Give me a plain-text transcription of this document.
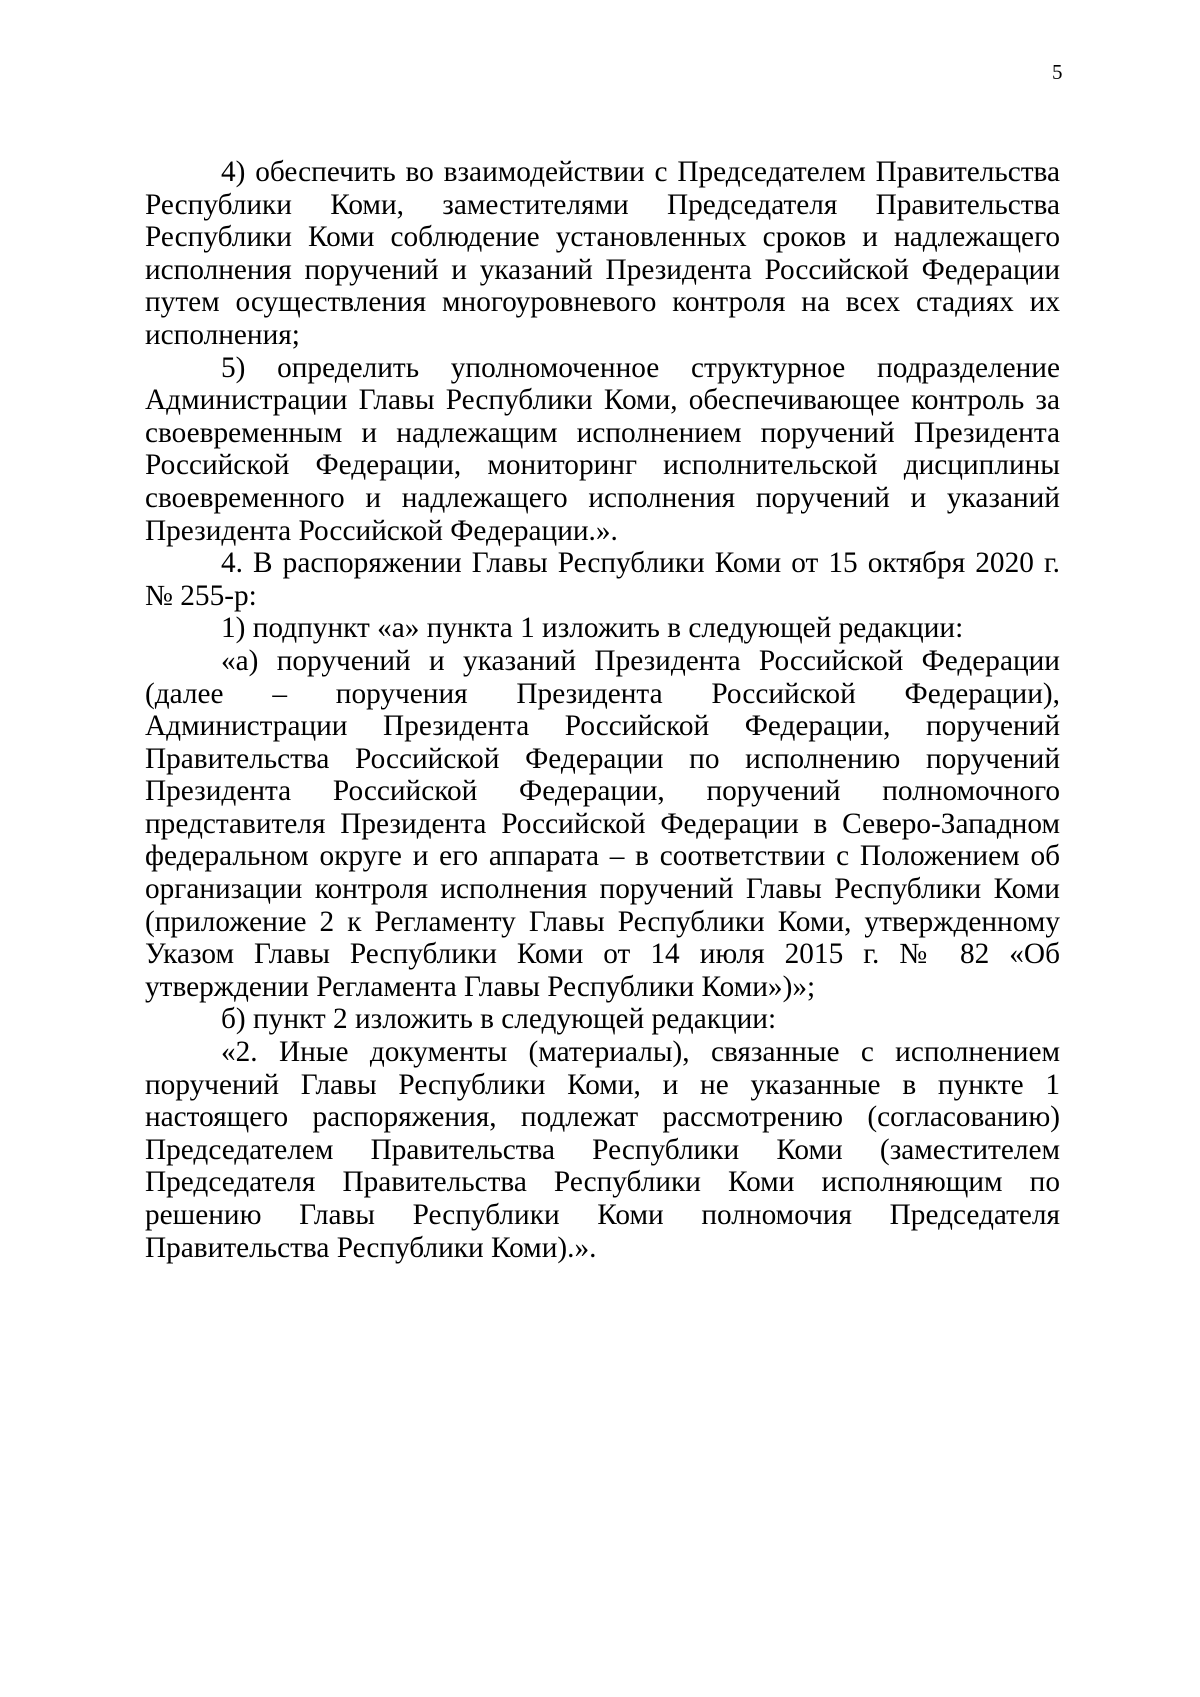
5

4) обеспечить во взаимодействии с Председателем Правительства Республики Коми, заместителями Председателя Правительства Республики Коми соблюдение установленных сроков и надлежащего исполнения поручений и указаний Президента Российской Федерации путем осуществления многоуровневого контроля на всех стадиях их исполнения;

5) определить уполномоченное структурное подразделение Администрации Главы Республики Коми, обеспечивающее контроль за своевременным и надлежащим исполнением поручений Президента Российской Федерации, мониторинг исполнительской дисциплины своевременного и надлежащего исполнения поручений и указаний Президента Российской Федерации.».

4. В распоряжении Главы Республики Коми от 15 октября 2020 г. № 255-р:

1) подпункт «а» пункта 1 изложить в следующей редакции:

«а) поручений и указаний Президента Российской Федерации (далее – поручения Президента Российской Федерации), Администрации Президента Российской Федерации, поручений Правительства Российской Федерации по исполнению поручений Президента Российской Федерации, поручений полномочного представителя Президента Российской Федерации в Северо-Западном федеральном округе и его аппарата – в соответствии с Положением об организации контроля исполнения поручений Главы Республики Коми (приложение 2 к Регламенту Главы Республики Коми, утвержденному Указом Главы Республики Коми от 14 июля 2015 г. № 82 «Об утверждении Регламента Главы Республики Коми»)»;

б) пункт 2 изложить в следующей редакции:

«2. Иные документы (материалы), связанные с исполнением поручений Главы Республики Коми, и не указанные в пункте 1 настоящего распоряжения, подлежат рассмотрению (согласованию) Председателем Правительства Республики Коми (заместителем Председателя Правительства Республики Коми исполняющим по решению Главы Республики Коми полномочия Председателя Правительства Республики Коми).».
